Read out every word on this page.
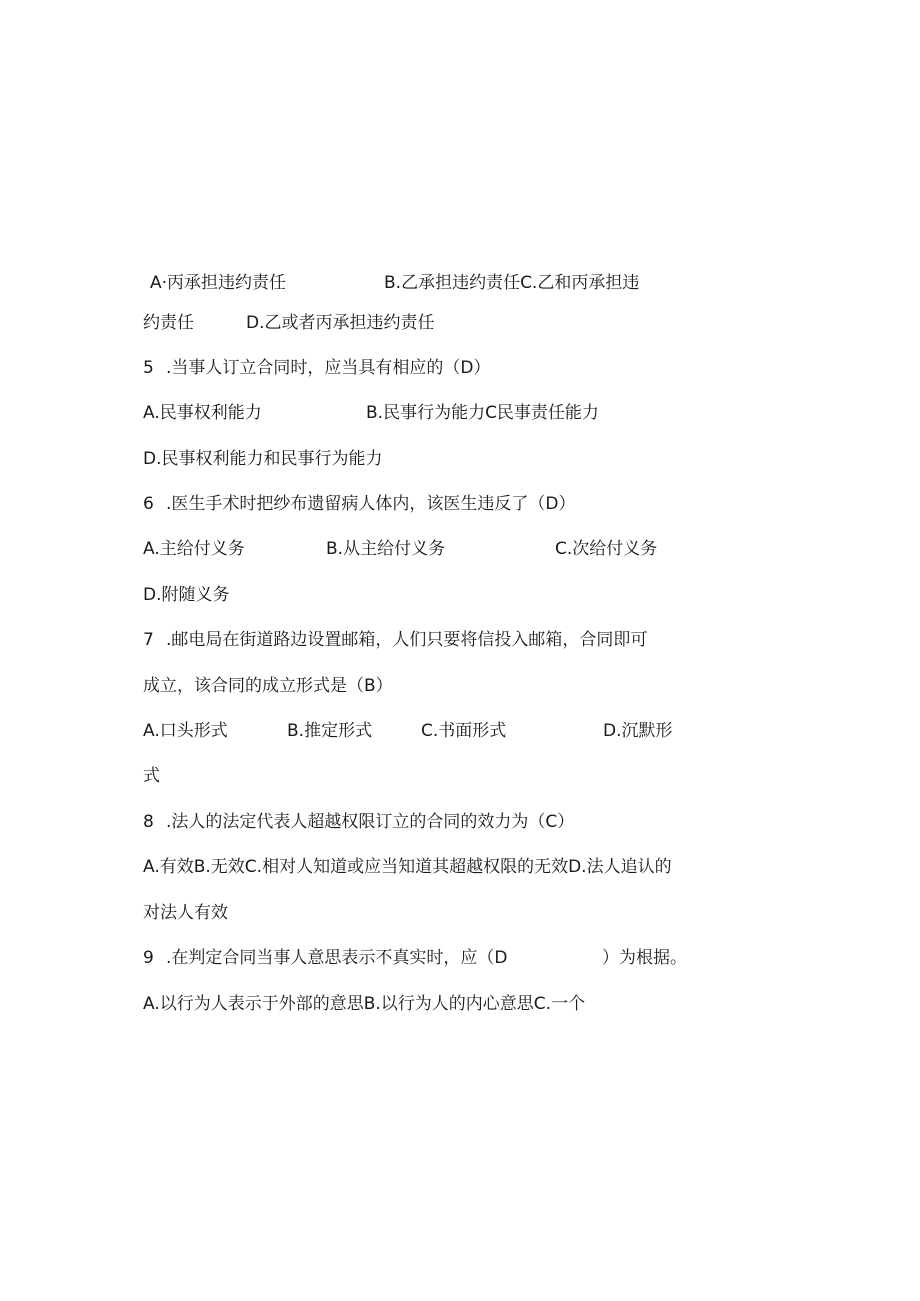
A·丙承担违约责任	B.乙承担违约责任C.乙和丙承担违
约责任	D.乙或者丙承担违约责任
5 .当事人订立合同时，应当具有相应的（D）
A.民事权利能力	B.民事行为能力C民事责任能力
D.民事权利能力和民事行为能力
6 .医生手术时把纱布遗留病人体内，该医生违反了（D）
A.主给付义务	B.从主给付义务	C.次给付义务
D.附随义务
7 .邮电局在街道路边设置邮箱，人们只要将信投入邮箱，合同即可
成立，该合同的成立形式是（B）
A.口头形式	B.推定形式	C.书面形式	D.沉默形
式
8 .法人的法定代表人超越权限订立的合同的效力为（C）
A.有效B.无效C.相对人知道或应当知道其超越权限的无效D.法人追认的
对法人有效
9 .在判定合同当事人意思表示不真实时，应（D	）为根据。
A.以行为人表示于外部的意思B.以行为人的内心意思C.一个
